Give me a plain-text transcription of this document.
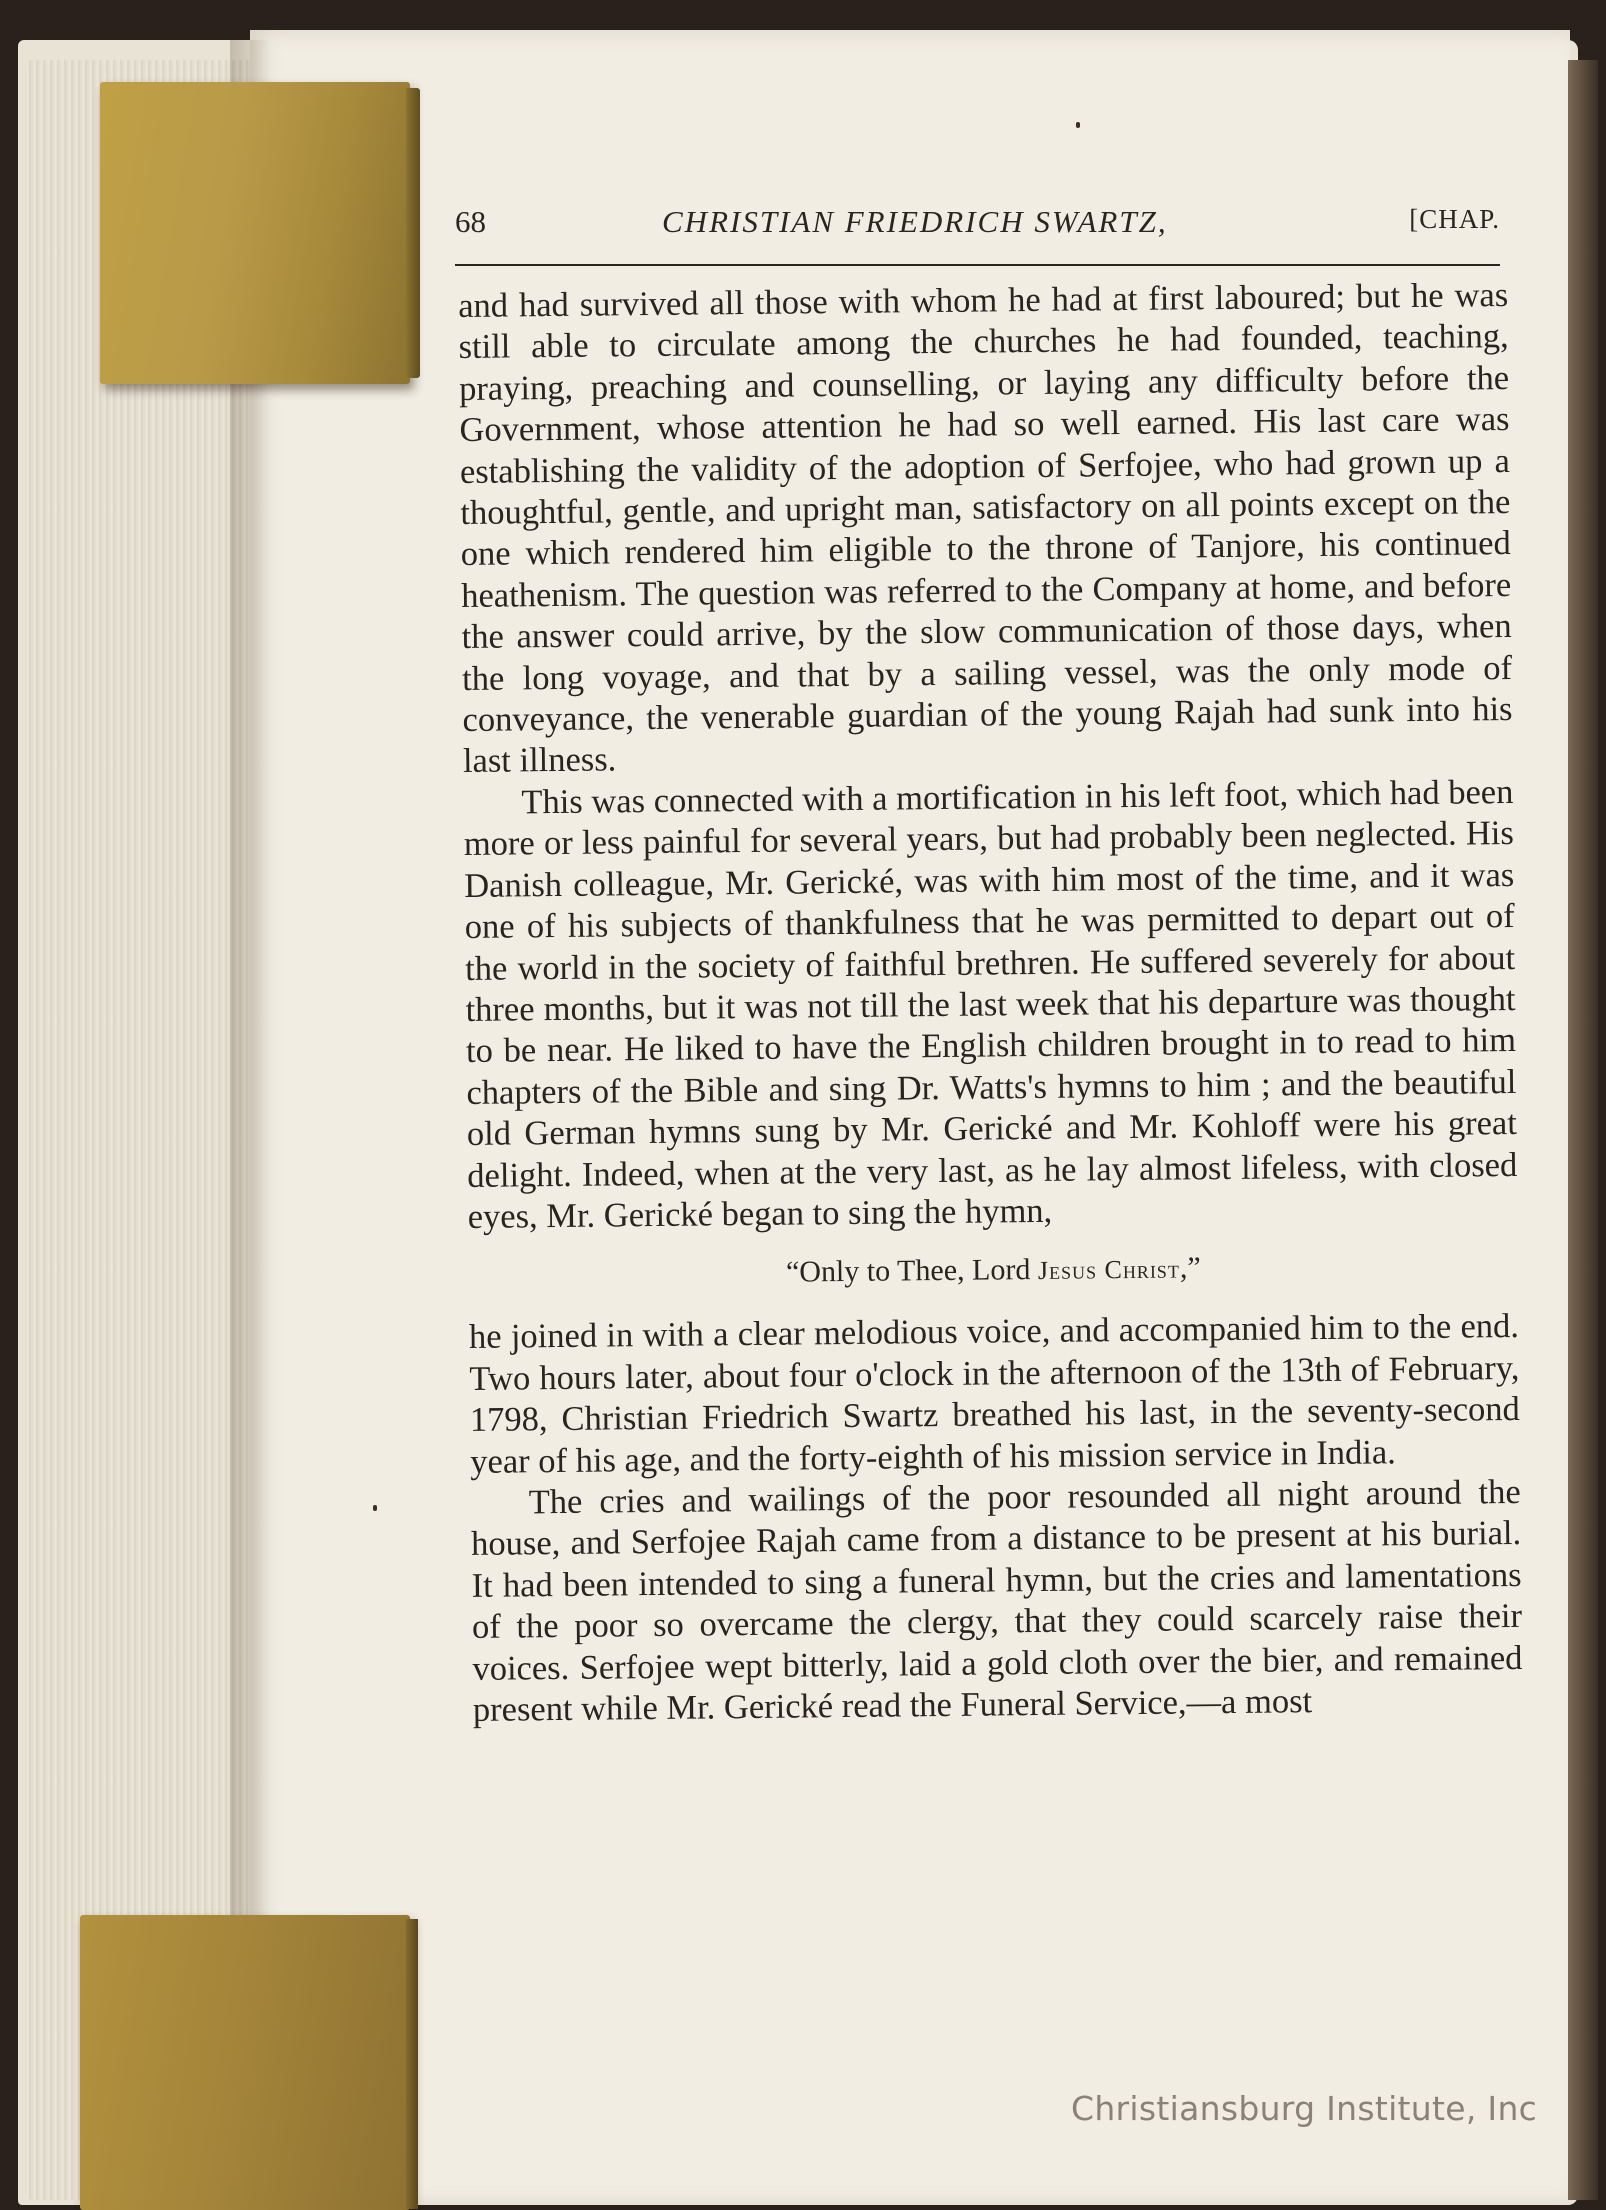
68	CHRISTIAN FRIEDRICH SWARTZ,	[CHAP.

and had survived all those with whom he had at first laboured; but he was still able to circulate among the churches he had founded, teaching, praying, preaching and counselling, or laying any difficulty before the Government, whose attention he had so well earned. His last care was establishing the validity of the adoption of Serfojee, who had grown up a thoughtful, gentle, and upright man, satisfactory on all points except on the one which rendered him eligible to the throne of Tanjore, his continued heathenism. The question was referred to the Company at home, and before the answer could arrive, by the slow communication of those days, when the long voyage, and that by a sailing vessel, was the only mode of conveyance, the venerable guardian of the young Rajah had sunk into his last illness.

This was connected with a mortification in his left foot, which had been more or less painful for several years, but had probably been neglected. His Danish colleague, Mr. Gerické, was with him most of the time, and it was one of his subjects of thankfulness that he was permitted to depart out of the world in the society of faithful brethren. He suffered severely for about three months, but it was not till the last week that his departure was thought to be near. He liked to have the English children brought in to read to him chapters of the Bible and sing Dr. Watts's hymns to him ; and the beautiful old German hymns sung by Mr. Gerické and Mr. Kohloff were his great delight. Indeed, when at the very last, as he lay almost lifeless, with closed eyes, Mr. Gerické began to sing the hymn,

“Only to Thee, Lord Jesus Christ,”

he joined in with a clear melodious voice, and accompanied him to the end. Two hours later, about four o'clock in the afternoon of the 13th of February, 1798, Christian Friedrich Swartz breathed his last, in the seventy-second year of his age, and the forty-eighth of his mission service in India.

The cries and wailings of the poor resounded all night around the house, and Serfojee Rajah came from a distance to be present at his burial. It had been intended to sing a funeral hymn, but the cries and lamentations of the poor so overcame the clergy, that they could scarcely raise their voices. Serfojee wept bitterly, laid a gold cloth over the bier, and remained present while Mr. Gerické read the Funeral Service,—a most

Christiansburg Institute, Inc
